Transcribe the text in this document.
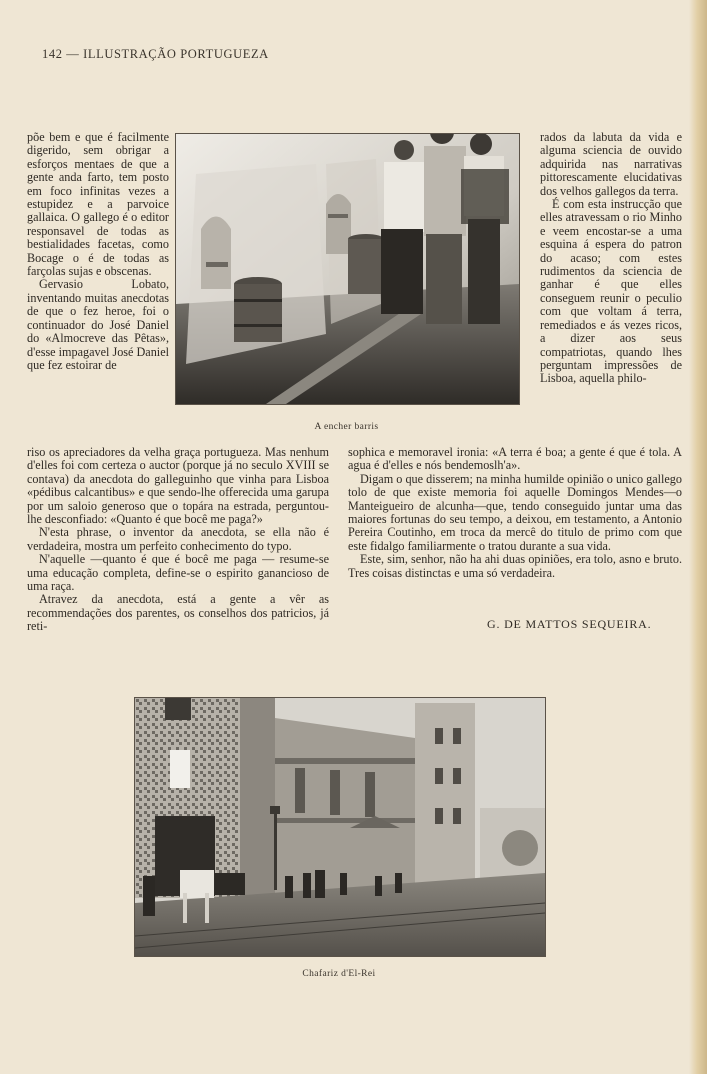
142 — ILLUSTRAÇÃO PORTUGUEZA

põe bem e que é facilmente digerido, sem obrigar a esforços mentaes de que a gente anda farto, tem posto em foco infinitas vezes a estupidez e a parvoice gallaica. O gallego é o editor responsavel de todas as bestialidades facetas, como Bocage o é de todas as farçolas sujas e obscenas.

Gervasio Lobato, inventando muitas anecdotas de que o fez heroe, foi o continuador do José Daniel do «Almocreve das Pêtas», d'esse impagavel José Daniel que fez estoirar de

rados da labuta da vida e alguma sciencia de ouvido adquirida nas narrativas pittorescamente elucidativas dos velhos gallegos da terra.

É com esta instrucção que elles atravessam o rio Minho e veem encostar-se a uma esquina á espera do patron do acaso; com estes rudimentos da sciencia de ganhar é que elles conseguem reunir o peculio com que voltam á terra, remediados e ás vezes ricos, a dizer aos seus compatriotas, quando lhes perguntam impressões de Lisboa, aquella philo-

A encher barris

riso os apreciadores da velha graça portugueza. Mas nenhum d'elles foi com certeza o auctor (porque já no seculo XVIII se contava) da anecdota do galleguinho que vinha para Lisboa «pédibus calcantibus» e que sendo-lhe offerecida uma garupa por um saloio generoso que o topára na estrada, perguntou-lhe desconfiado: «Quanto é que bocê me paga?»

N'esta phrase, o inventor da anecdota, se ella não é verdadeira, mostra um perfeito conhecimento do typo.

N'aquelle —quanto é que é bocê me paga — resume-se uma educação completa, define-se o espirito ganancioso de uma raça.

Atravez da anecdota, está a gente a vêr as recommendações dos parentes, os conselhos dos patricios, já reti-

sophica e memoravel ironia: «A terra é boa; a gente é que é tola. A agua é d'elles e nós bendemoslh'a».

Digam o que disserem; na minha humilde opinião o unico gallego tolo de que existe memoria foi aquelle Domingos Mendes—o Manteigueiro de alcunha—que, tendo conseguido juntar uma das maiores fortunas do seu tempo, a deixou, em testamento, a Antonio Pereira Coutinho, em troca da mercê do titulo de primo com que este fidalgo familiarmente o tratou durante a sua vida.

Este, sim, senhor, não ha ahi duas opiniões, era tolo, asno e bruto. Tres coisas distinctas e uma só verdadeira.

G. DE MATTOS SEQUEIRA.
Chafariz d'El-Rei
